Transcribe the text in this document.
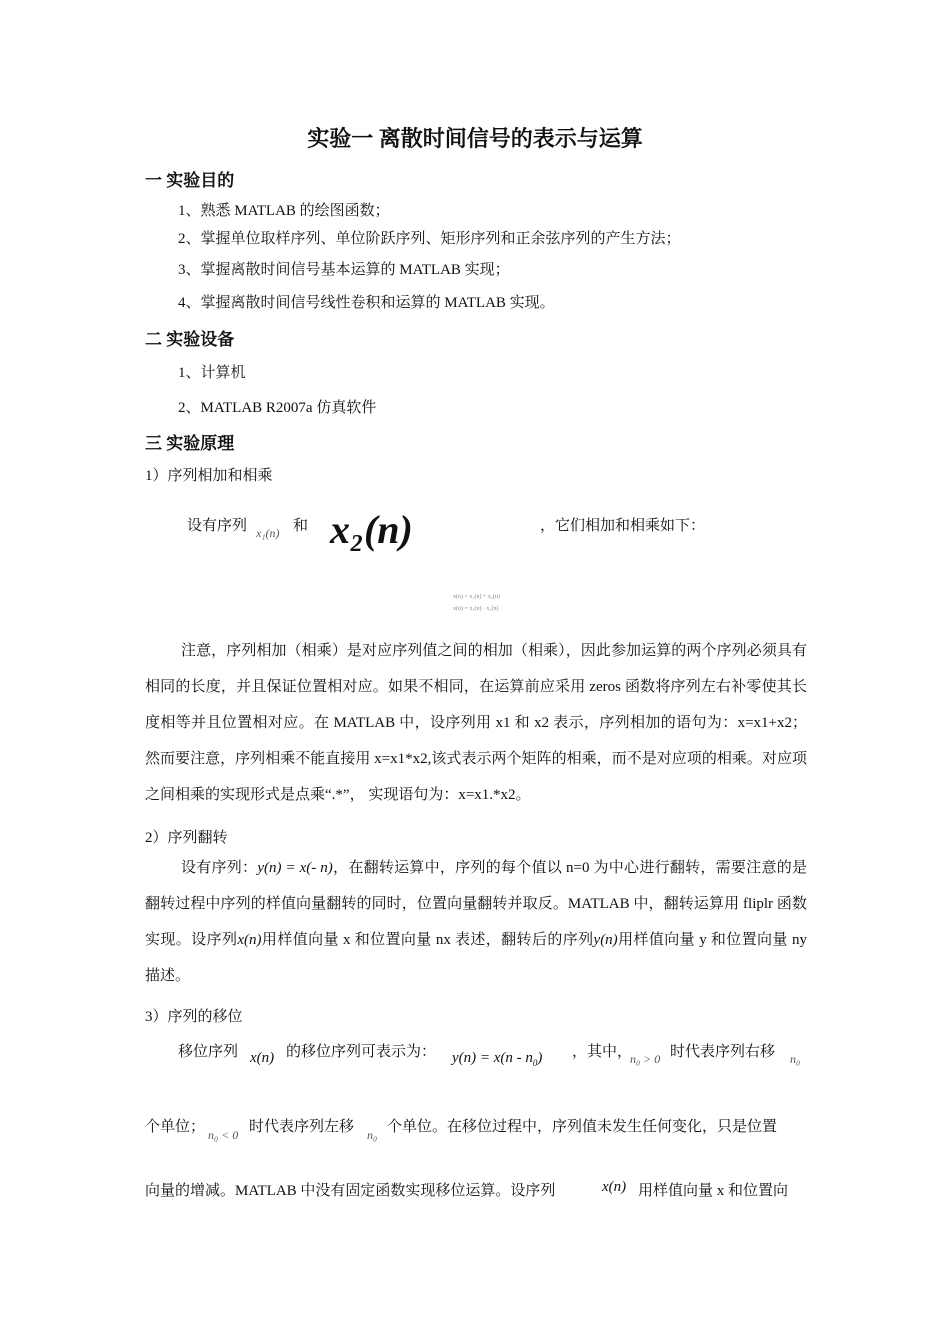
实验一 离散时间信号的表示与运算
一 实验目的
1、熟悉 MATLAB 的绘图函数；
2、掌握单位取样序列、单位阶跃序列、矩形序列和正余弦序列的产生方法；
3、掌握离散时间信号基本运算的 MATLAB 实现；
4、掌握离散时间信号线性卷积和运算的 MATLAB 实现。
二 实验设备
1、计算机
2、MATLAB R2007a 仿真软件
三 实验原理
1）序列相加和相乘
设有序列 x₁(n) 和 x₂(n)	，它们相加和相乘如下：
x(n) = x₁(n) + x₂(n)
x(n) = x₁(n) · x₂(n)

注意，序列相加（相乘）是对应序列值之间的相加（相乘），因此参加运算的两个序列必须具有相同的长度，并且保证位置相对应。如果不相同，在运算前应采用 zeros 函数将序列左右补零使其长度相等并且位置相对应。在 MATLAB 中，设序列用 x1 和 x2 表示，序列相加的语句为：x=x1+x2；然而要注意，序列相乘不能直接用 x=x1*x2,该式表示两个矩阵的相乘，而不是对应项的相乘。对应项之间相乘的实现形式是点乘“.*”， 实现语句为：x=x1.*x2。

2）序列翻转

设有序列：y(n) = x(- n)，在翻转运算中，序列的每个值以 n=0 为中心进行翻转，需要注意的是翻转过程中序列的样值向量翻转的同时，位置向量翻转并取反。MATLAB 中，翻转运算用 fliplr 函数实现。设序列x(n)用样值向量 x 和位置向量 nx 表述，翻转后的序列y(n)用样值向量 y 和位置向量 ny 描述。

3）序列的移位
移位序列 x(n) 的移位序列可表示为： $y(n) = x(n - n_0)$ ，其中，
n₀ > 0 时代表序列右移 n₀
个单位； n₀ < 0 时代表序列左移 n₀ 个单位。在移位过程中，序列值未发生任何变化，只是位置
向量的增减。MATLAB 中没有固定函数实现移位运算。设序列	x(n) 用样值向量 x 和位置向
